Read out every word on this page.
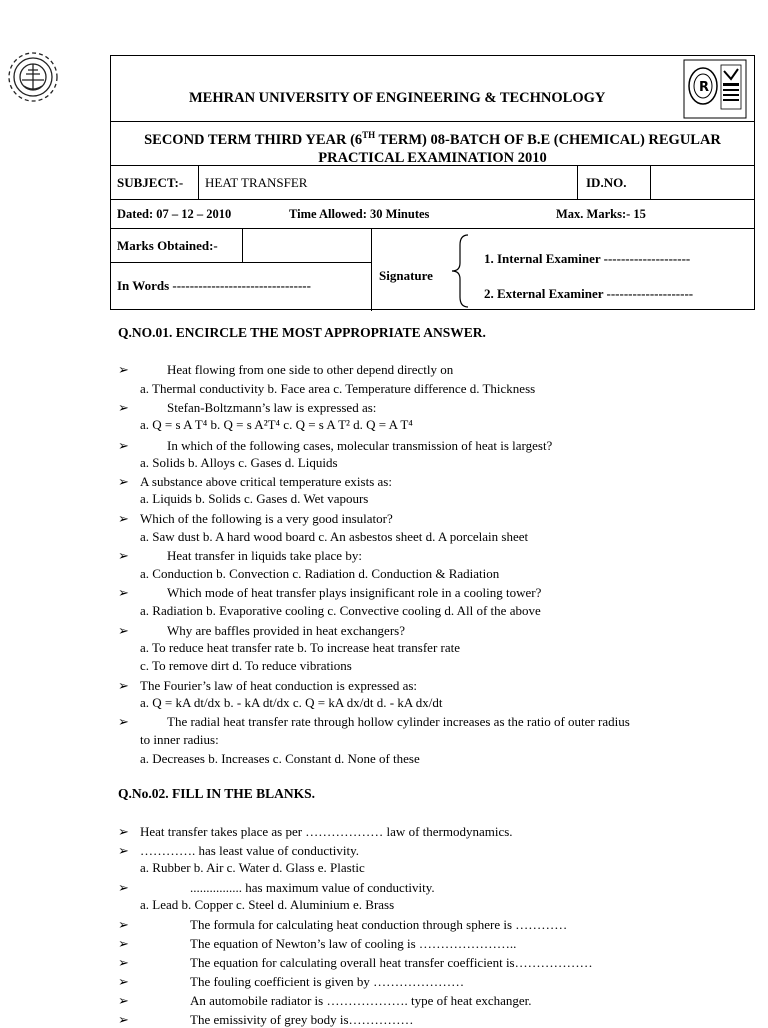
MEHRAN UNIVERSITY OF ENGINEERING & TECHNOLOGY
R
SECOND TERM THIRD YEAR (6TH TERM) 08-BATCH OF B.E (CHEMICAL) REGULAR
PRACTICAL EXAMINATION 2010
SUBJECT:- HEAT TRANSFER	ID.NO.
Dated: 07 – 12 – 2010	Time Allowed: 30 Minutes	Max. Marks:- 15
Marks Obtained:-
In Words --------------------------------
Signature
1. Internal Examiner --------------------
2. External Examiner --------------------
Q.NO.01. ENCIRCLE THE MOST APPROPRIATE ANSWER.
➢	Heat flowing from one side to other depend directly on
a. Thermal conductivity b. Face area c. Temperature difference d. Thickness
➢	Stefan-Boltzmann’s law is expressed as:
a. Q = s A T⁴ b. Q = s A²T⁴ c. Q = s A T² d. Q = A T⁴
➢	In which of the following cases, molecular transmission of heat is largest?
a. Solids b. Alloys c. Gases d. Liquids
➢ A substance above critical temperature exists as:
a. Liquids b. Solids c. Gases d. Wet vapours
➢ Which of the following is a very good insulator?
a. Saw dust b. A hard wood board c. An asbestos sheet d. A porcelain sheet
➢	Heat transfer in liquids take place by:
a. Conduction b. Convection c. Radiation d. Conduction & Radiation
➢	Which mode of heat transfer plays insignificant role in a cooling tower?
a. Radiation b. Evaporative cooling c. Convective cooling d. All of the above
➢	Why are baffles provided in heat exchangers?
a. To reduce heat transfer rate b. To increase heat transfer rate
c. To remove dirt d. To reduce vibrations
➢ The Fourier’s law of heat conduction is expressed as:
a. Q = kA dt/dx b. - kA dt/dx c. Q = kA dx/dt d. - kA dx/dt
➢	The radial heat transfer rate through hollow cylinder increases as the ratio of outer radius
to inner radius:
a. Decreases b. Increases c. Constant d. None of these
Q.No.02. FILL IN THE BLANKS.
➢ Heat transfer takes place as per ……………… law of thermodynamics.
➢ …………. has least value of conductivity.
a. Rubber b. Air c. Water d. Glass e. Plastic
➢	................ has maximum value of conductivity.
a. Lead b. Copper c. Steel d. Aluminium e. Brass
➢	The formula for calculating heat conduction through sphere is …………
➢	The equation of Newton’s law of cooling is …………………..
➢	The equation for calculating overall heat transfer coefficient is………………
➢	The fouling coefficient is given by …………………
➢	An automobile radiator is ………………. type of heat exchanger.
➢	The emissivity of grey body is……………
